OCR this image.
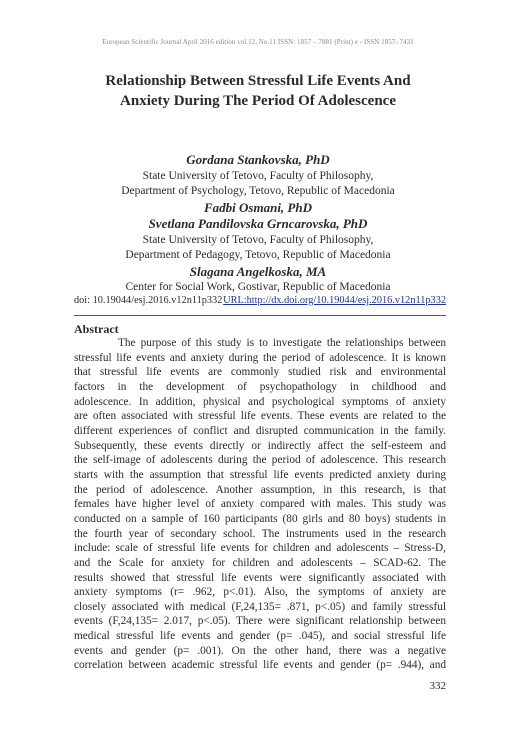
European Scientific Journal April 2016 edition vol.12, No.11 ISSN: 1857 – 7881 (Print) e - ISSN 1857- 7431
Relationship Between Stressful Life Events And
Anxiety During The Period Of Adolescence
Gordana Stankovska, PhD
State University of Tetovo, Faculty of Philosophy,
Department of Psychology, Tetovo, Republic of Macedonia
Fadbi Osmani, PhD
Svetlana Pandilovska Grncarovska, PhD
State University of Tetovo, Faculty of Philosophy,
Department of Pedagogy, Tetovo, Republic of Macedonia
Slagana Angelkoska, MA
Center for Social Work, Gostivar, Republic of Macedonia
doi: 10.19044/esj.2016.v12n11p332 URL:http://dx.doi.org/10.19044/esj.2016.v12n11p332
Abstract
The purpose of this study is to investigate the relationships between
stressful life events and anxiety during the period of adolescence. It is known
that stressful life events are commonly studied risk and environmental
factors in the development of psychopathology in childhood and
adolescence. In addition, physical and psychological symptoms of anxiety
are often associated with stressful life events. These events are related to the
different experiences of conflict and disrupted communication in the family.
Subsequently, these events directly or indirectly affect the self-esteem and
the self-image of adolescents during the period of adolescence. This research
starts with the assumption that stressful life events predicted anxiety during
the period of adolescence. Another assumption, in this research, is that
females have higher level of anxiety compared with males. This study was
conducted on a sample of 160 participants (80 girls and 80 boys) students in
the fourth year of secondary school. The instruments used in the research
include: scale of stressful life events for children and adolescents – Stress-D,
and the Scale for anxiety for children and adolescents – SCAD-62. The
results showed that stressful life events were significantly associated with
anxiety symptoms (r= .962, p<.01). Also, the symptoms of anxiety are
closely associated with medical (F,24,135= .871, p<.05) and family stressful
events (F,24,135= 2.017, p<.05). There were significant relationship between
medical stressful life events and gender (p= .045), and social stressful life
events and gender (p= .001). On the other hand, there was a negative
correlation between academic stressful life events and gender (p= .944), and
332
